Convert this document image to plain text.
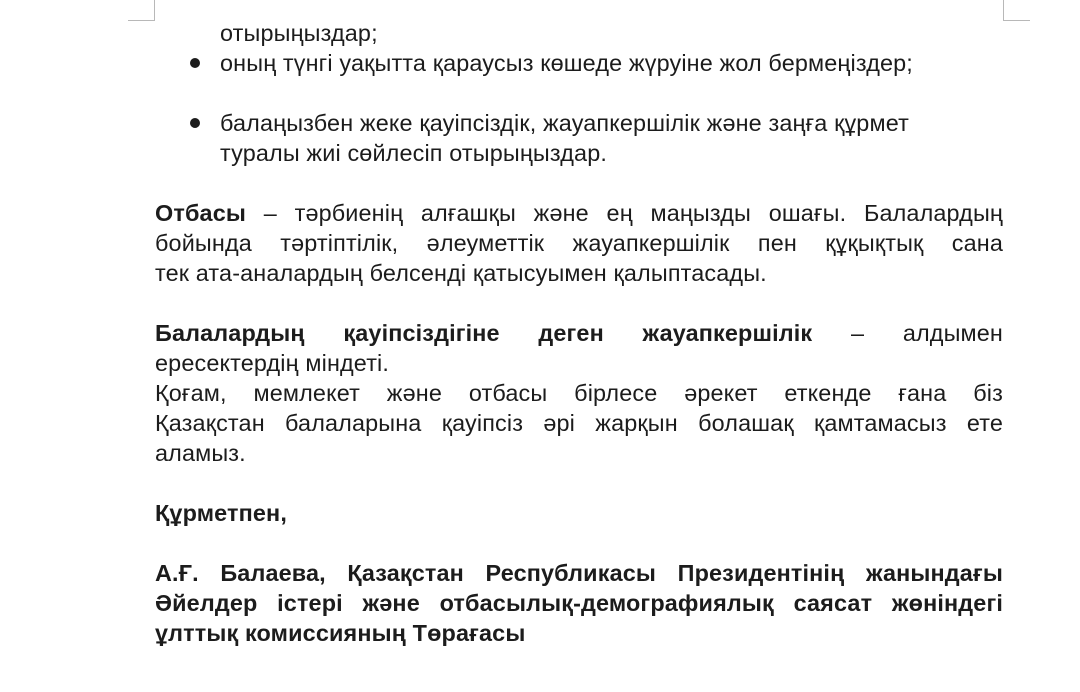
отырыңыздар;
оның түнгі уақытта қараусыз көшеде жүруіне жол бермеңіздер;
балаңызбен жеке қауіпсіздік, жауапкершілік және заңға құрмет
туралы жиі сөйлесіп отырыңыздар.
Отбасы – тәрбиенің алғашқы және ең маңызды ошағы. Балалардың
бойында тәртіптілік, әлеуметтік жауапкершілік пен құқықтық сана
тек ата-аналардың белсенді қатысуымен қалыптасады.
Балалардың қауіпсіздігіне деген жауапкершілік – алдымен
ересектердің міндеті.
Қоғам, мемлекет және отбасы бірлесе әрекет еткенде ғана біз
Қазақстан балаларына қауіпсіз әрі жарқын болашақ қамтамасыз ете
аламыз.
Құрметпен,
А.Ғ. Балаева, Қазақстан Республикасы Президентінің жанындағы
Әйелдер істері және отбасылық-демографиялық саясат жөніндегі
ұлттық комиссияның Төрағасы
